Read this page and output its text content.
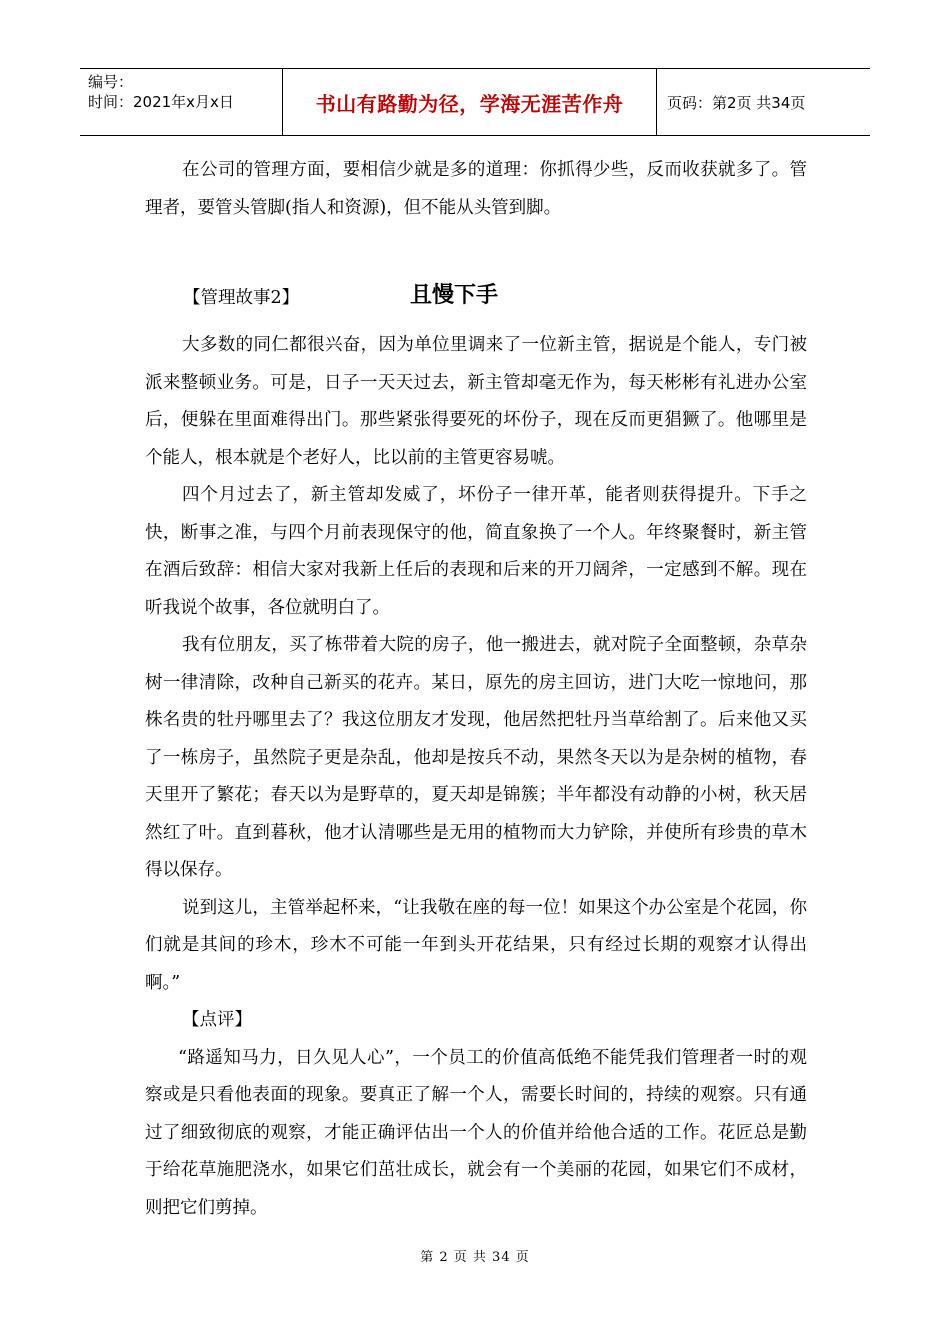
编号：
时间：2021年x月x日	书山有路勤为径，学海无涯苦作舟	页码：第2页 共34页

在公司的管理方面，要相信少就是多的道理：你抓得少些，反而收获就多了。管理者，要管头管脚(指人和资源)，但不能从头管到脚。

【管理故事2】	且慢下手

大多数的同仁都很兴奋，因为单位里调来了一位新主管，据说是个能人，专门被派来整顿业务。可是，日子一天天过去，新主管却毫无作为，每天彬彬有礼进办公室后，便躲在里面难得出门。那些紧张得要死的坏份子，现在反而更猖獗了。他哪里是个能人，根本就是个老好人，比以前的主管更容易唬。

四个月过去了，新主管却发威了，坏份子一律开革，能者则获得提升。下手之快，断事之准，与四个月前表现保守的他，简直象换了一个人。年终聚餐时，新主管在酒后致辞：相信大家对我新上任后的表现和后来的开刀阔斧，一定感到不解。现在听我说个故事，各位就明白了。

我有位朋友，买了栋带着大院的房子，他一搬进去，就对院子全面整顿，杂草杂树一律清除，改种自己新买的花卉。某日，原先的房主回访，进门大吃一惊地问，那株名贵的牡丹哪里去了？我这位朋友才发现，他居然把牡丹当草给割了。后来他又买了一栋房子，虽然院子更是杂乱，他却是按兵不动，果然冬天以为是杂树的植物，春天里开了繁花；春天以为是野草的，夏天却是锦簇；半年都没有动静的小树，秋天居然红了叶。直到暮秋，他才认清哪些是无用的植物而大力铲除，并使所有珍贵的草木得以保存。

说到这儿，主管举起杯来，“让我敬在座的每一位！如果这个办公室是个花园，你们就是其间的珍木，珍木不可能一年到头开花结果，只有经过长期的观察才认得出啊。”

【点评】

“路遥知马力，日久见人心”，一个员工的价值高低绝不能凭我们管理者一时的观察或是只看他表面的现象。要真正了解一个人，需要长时间的，持续的观察。只有通过了细致彻底的观察，才能正确评估出一个人的价值并给他合适的工作。花匠总是勤于给花草施肥浇水，如果它们茁壮成长，就会有一个美丽的花园，如果它们不成材，则把它们剪掉。

第 2 页 共 34 页
